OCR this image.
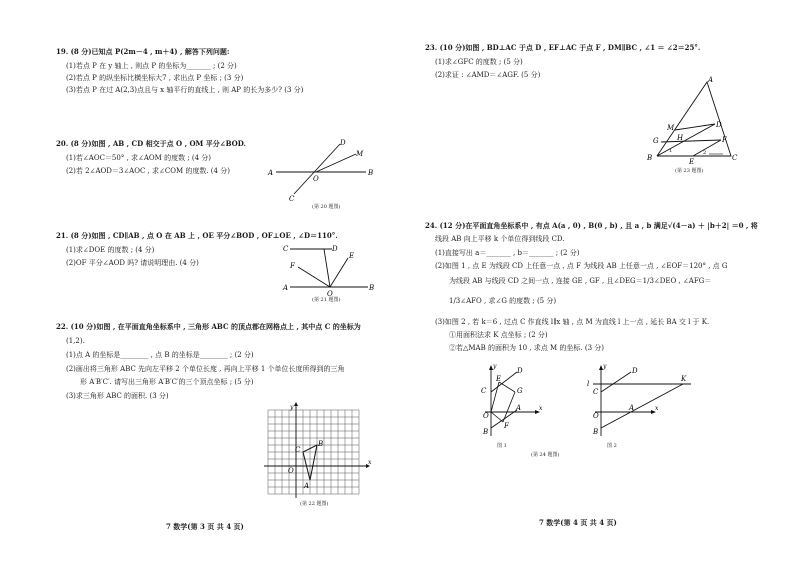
19. (8 分)已知点 P(2m－4 , m＋4) , 解答下列问题:
(1)若点 P 在 y 轴上 , 则点 P 的坐标为_______ ; (2 分)
(2)若点 P 的纵坐标比横坐标大7 , 求出点 P 坐标 ; (3 分)
(3)若点 P 在过 A(2,3)点且与 x 轴平行的直线上 , 则 AP 的长为多少? (3 分)
20. (8 分)如图 , AB , CD 相交于点 O , OM 平分∠BOD.
(1)若∠AOC＝50° , 求∠AOM 的度数 ; (4 分)
(2)若 2∠AOD＝3∠AOC , 求∠COM 的度数. (4 分)	A	B
C
D
M
O
(第 20 题图)
21. (8 分)如图 , CD∥AB , 点 O 在 AB 上 , OE 平分∠BOD , OF⊥OE , ∠D＝110°.
(1)求∠DOE 的度数 ; (4 分)
(2)OF 平分∠AOD 吗? 请说明理由. (4 分)
C	D
E
F
A	B
O
(第 21 题图)
22. (10 分)如图 , 在平面直角坐标系中 , 三角形 ABC 的顶点都在网格点上 , 其中点 C 的坐标为
(1,2).
(1)点 A 的坐标是________ , 点 B 的坐标是________ ; (2 分)
(2)画出将三角形 ABC 先向左平移 2 个单位长度 , 再向上平移 1 个单位长度所得到的三角
形 A′B′C′. 请写出三角形 A′B′C′的三个顶点坐标 ; (5 分)
(3)求三角形 ABC 的面积. (3 分)
x
y
O
A
B
C
(第 22 题图)
7 数学(第 3 页 共 4 页)
23. (10 分)如图 , BD⊥AC 于点 D , EF⊥AC 于点 F , DM∥BC , ∠1 ＝ ∠2＝25°.
(1)求∠GFC 的度数 ; (5 分)
(2)求证 : ∠AMD＝∠AGF. (5 分)
A
M	D
G	H	F
B	E	C
1	2
(第 23 题图)
24. (12 分)在平面直角坐标系中 , 有点 A(a , 0) , B(0 , b) , 且 a , b 满足√(4－a) ＋ |b＋2| ＝0 , 将
线段 AB 向上平移 k 个单位得到线段 CD.
(1)直接写出 a＝_______ , b＝_______ ; (2 分)
(2)如图 1 , 点 E 为线段 CD 上任意一点 , 点 F 为线段 AB 上任意一点 , ∠EOF＝120° , 点 G
为线段 AB 与线段 CD 之间一点 , 连接 GE , GF , 且∠DEG＝1/3∠DEO , ∠AFG＝
1/3∠AFO , 求∠G 的度数 ; (5 分)
(3)如图 2 , 若 k＝6 , 过点 C 作直线 l∥x 轴 , 点 M 为直线 l 上一点 , 延长 BA 交 l 于 K.
①用面积法求 K 点坐标 ; (2 分)
②若△MAB 的面积为 10 , 求点 M 的坐标. (3 分)
C
E
D
G
O
A
F
B
x
y
图 1
l
C
D
K
A
O
B
x
y
图 2
(第 24 题图)
7 数学(第 4 页 共 4 页)
